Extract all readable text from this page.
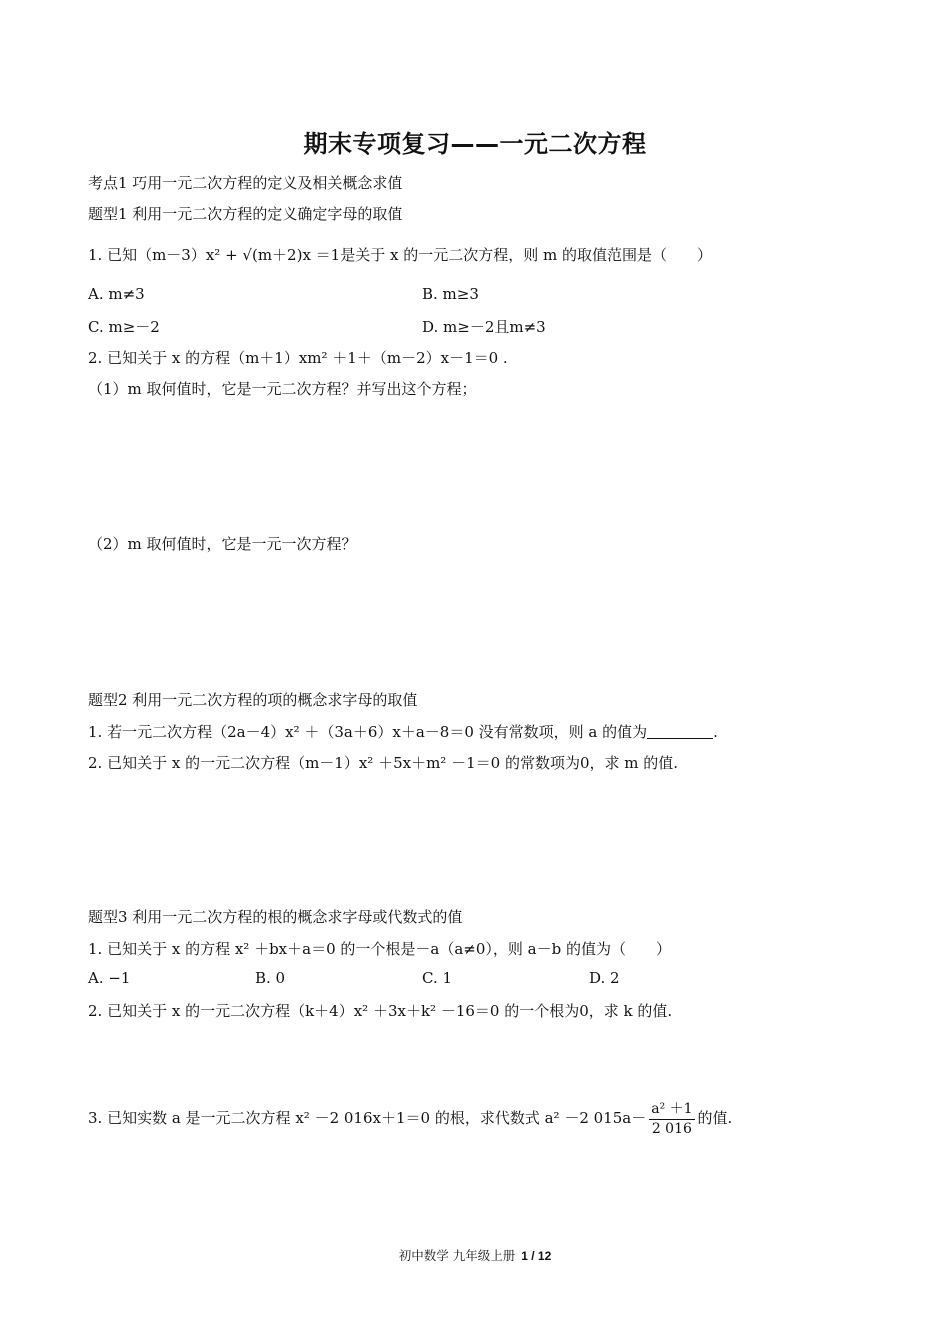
期末专项复习——一元二次方程
考点1 巧用一元二次方程的定义及相关概念求值
题型1 利用一元二次方程的定义确定字母的取值
1. 已知（m－3）x² + √(m＋2)x ＝1是关于 x 的一元二次方程，则 m 的取值范围是（　　）
A. m≠3	B. m≥3
C. m≥－2	D. m≥－2且m≠3
2. 已知关于 x 的方程（m＋1）xm² ＋1＋（m－2）x－1＝0 .
（1）m 取何值时，它是一元二次方程？并写出这个方程；
（2）m 取何值时，它是一元一次方程？
题型2 利用一元二次方程的项的概念求字母的取值
1. 若一元二次方程（2a－4）x² ＋（3a＋6）x＋a－8＝0 没有常数项，则 a 的值为	.
2. 已知关于 x 的一元二次方程（m－1）x² ＋5x＋m² －1＝0 的常数项为0，求 m 的值.
题型3 利用一元二次方程的根的概念求字母或代数式的值
1. 已知关于 x 的方程 x² ＋bx＋a＝0 的一个根是－a（a≠0），则 a－b 的值为（　　）
A. −1	B. 0	C. 1	D. 2
2. 已知关于 x 的一元二次方程（k＋4）x² ＋3x＋k² －16＝0 的一个根为0，求 k 的值.
3. 已知实数 a 是一元二次方程 x² －2 016x＋1＝0 的根，求代数式 a² －2 015a－ a² ＋1
2 016
的值.
初中数学 九年级上册 1 / 12
